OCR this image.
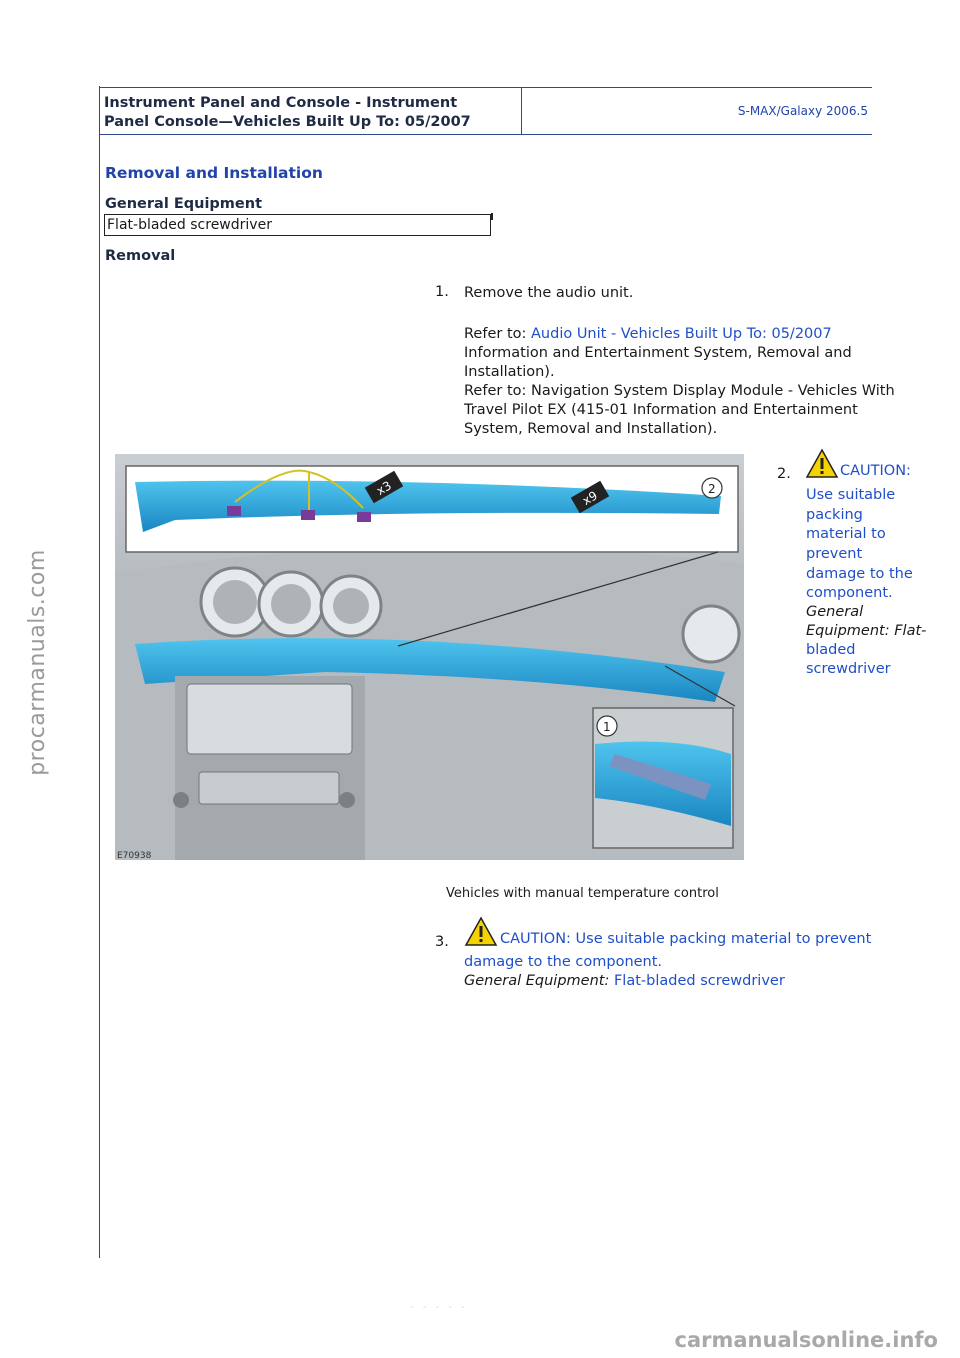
Instrument Panel and Console - Instrument
Panel Console—Vehicles Built Up To: 05/2007
S-MAX/Galaxy 2006.5
Removal and Installation
General Equipment
Flat-bladed screwdriver
Removal
1. Remove the audio unit.
Refer to: Audio Unit - Vehicles Built Up To: 05/2007
Information and Entertainment System, Removal and
Installation).
Refer to: Navigation System Display Module - Vehicles With
Travel Pilot EX (415-01 Information and Entertainment
System, Removal and Installation).
x3
x9	2
1
E70938
2.	CAUTION:
Use suitable
packing
material to
prevent
damage to the
component.
General
Equipment: Flat-
bladed
screwdriver
Vehicles with manual temperature control
3.	CAUTION: Use suitable packing material to prevent
damage to the component.
General Equipment: Flat-bladed screwdriver
- - - - -
procarmanuals.com
carmanualsonline.info
